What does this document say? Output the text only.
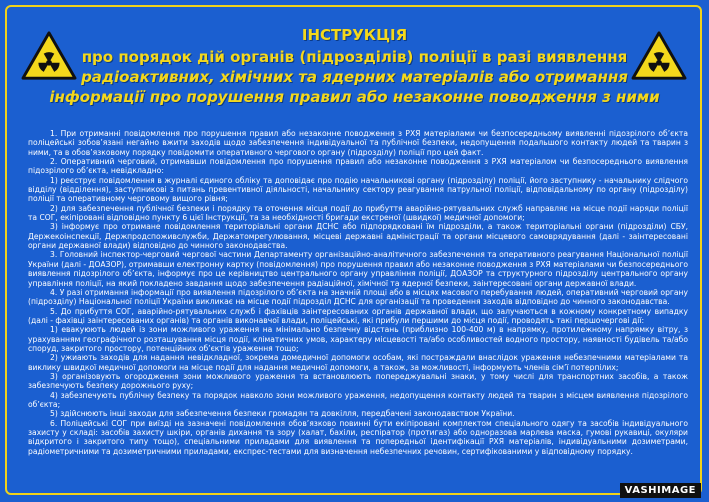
ІНСТРУКЦІЯ
про порядок дій органів (підрозділів) поліції в разі виявлення
радіоактивних, хімічних та ядерних матеріалів або отримання
інформації про порушення правил або незаконне поводження з ними

1. При отриманні повідомлення про порушення правил або незаконне поводження з РХЯ матеріалами чи безпосередньому виявленні підозрілого об’єкта поліцейські зобов’язані негайно вжити заходів щодо забезпечення індивідуальної та публічної безпеки, недопущення подальшого контакту людей та тварин з ними, та в обов’язковому порядку повідомити оперативного чергового органу (підрозділу) поліції про цей факт.

2. Оперативний черговий, отримавши повідомлення про порушення правил або незаконне поводження з РХЯ матеріалом чи безпосереднього виявлення підозрілого об’єкта, невідкладно:

1) реєструє повідомлення в журналі єдиного обліку та доповідає про подію начальникові органу (підрозділу) поліції, його заступнику - начальнику слідчого відділу (відділення), заступникові з питань превентивної діяльності, начальнику сектору реагування патрульної поліції, відповідальному по органу (підрозділу) поліції та оперативному черговому вищого рівня;

2) для забезпечення публічної безпеки і порядку та оточення місця події до прибуття аварійно-рятувальних служб направляє на місце події наряди поліції та СОГ, екіпіровані відповідно пункту 6 цієї Інструкції, та за необхідності бригади екстреної (швидкої) медичної допомоги;

3) інформує про отримане повідомлення територіальні органи ДСНС або підпорядковані їм підрозділи, а також територіальні органи (підрозділи) СБУ, Держекоінспекції, Держпродспоживслужби, Держатомрегулювання, місцеві державні адміністрації та органи місцевого самоврядування (далі - заінтересовані органи державної влади) відповідно до чинного законодавства.

3. Головний інспектор-черговий чергової частини Департаменту організаційно-аналітичного забезпечення та оперативного реагування Національної поліції України (далі - ДОАЗОР), отримавши електронну картку (повідомлення) про порушення правил або незаконне поводження з РХЯ матеріалами чи безпосереднього виявлення підозрілого об’єкта, інформує про це керівництво центрального органу управління поліції, ДОАЗОР та структурного підрозділу центрального органу управління поліції, на який покладено завдання щодо забезпечення радіаційної, хімічної та ядерної безпеки, заінтересовані органи державної влади.

4. У разі отримання інформації про виявлення підозрілого об’єкта на значній площі або в місцях масового перебування людей, оперативний черговий органу (підрозділу) Національної поліції України викликає на місце події підрозділ ДСНС для організації та проведення заходів відповідно до чинного законодавства.

5. До прибуття СОГ, аварійно-рятувальних служб і фахівців заінтересованих органів державної влади, що залучаються в кожному конкретному випадку (далі - фахівці заінтересованих органів) та органів виконавчої влади, поліцейські, які прибули першими до місця події, проводять такі першочергові дії:

1) евакуюють людей із зони можливого ураження на мінімально безпечну відстань (приблизно 100-400 м) в напрямку, протилежному напрямку вітру, з урахуванням географічного розташування місця події, кліматичних умов, характеру місцевості та/або особливостей водного простору, наявності будівель та/або споруд, закритого простору, потенційних об’єктів ураження тощо;

2) ужиають заходів для надання невідкладної, зокрема домедичної допомоги особам, які постраждали внаслідок ураження небезпечними матеріалами та виклику швидкої медичної допомоги на місце події для надання медичної допомоги, а також, за можливості, інформують членів сім’ї потерпілих;

3) організовують огородження зони можливого ураження та встановлюють попереджувальні знаки, у тому числі для транспортних засобів, а також забезпечують безпеку дорожнього руху;

4) забезпечують публічну безпеку та порядок навколо зони можливого ураження, недопущення контакту людей та тварин з місцем виявлення підозрілого об’єкта;

5) здійснюють інші заходи для забезпечення безпеки громадян та довкілля, передбачені законодавством України.

6. Поліцейські СОГ при виїзді на зазначені повідомлення обов’язково повинні бути екіпіровані комплектом спеціального одягу та засобів індивідуального захисту у складі: засобів захисту шкіри, органів дихання та зору (халат, бахіли, респіратор (протигаз) або одноразова марлева маска, гумові рукавиці, окуляри відкритого і закритого типу тощо), спеціальними приладами для виявлення та попередньої ідентифікації РХЯ матеріалів, індивідуальними дозиметрами, радіометричними та дозиметричними приладами, експрес-тестами для визначення небезпечних речовин, сертифікованими у відповідному порядку.

VASHIMAGE
